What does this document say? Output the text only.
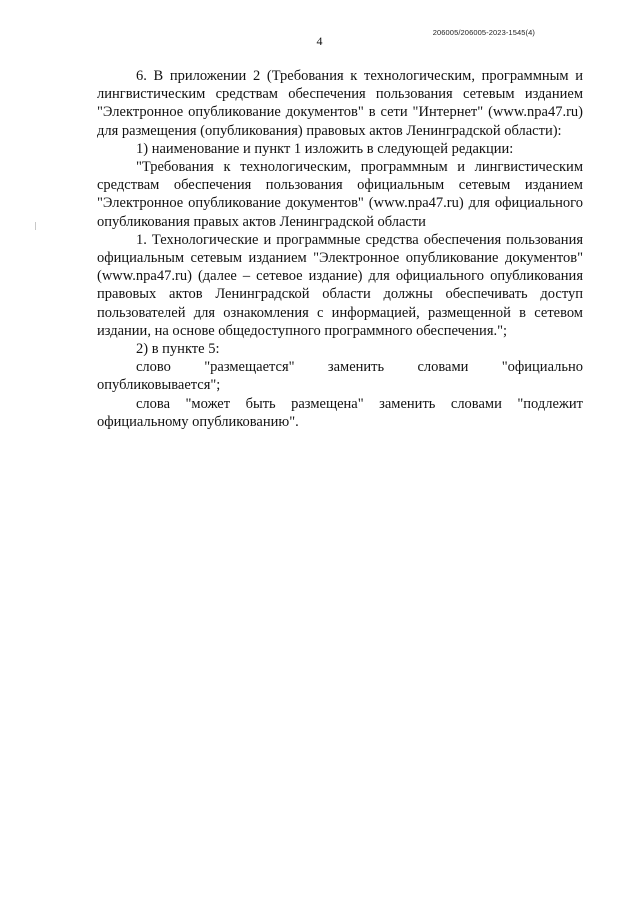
4
206005/206005-2023-1545(4)

6. В приложении 2 (Требования к технологическим, программным и лингвистическим средствам обеспечения пользования сетевым изданием "Электронное опубликование документов" в сети "Интернет" (www.npa47.ru) для размещения (опубликования) правовых актов Ленинградской области):

1) наименование и пункт 1 изложить в следующей редакции:

"Требования к технологическим, программным и лингвистическим средствам обеспечения пользования официальным сетевым изданием "Электронное опубликование документов" (www.npa47.ru) для официального опубликования правых актов Ленинградской области

1. Технологические и программные средства обеспечения пользования официальным сетевым изданием "Электронное опубликование документов" (www.npa47.ru) (далее – сетевое издание) для официального опубликования правовых актов Ленинградской области должны обеспечивать доступ пользователей для ознакомления с информацией, размещенной в сетевом издании, на основе общедоступного программного обеспечения.";

2) в пункте 5:

слово "размещается" заменить словами "официально опубликовывается";

слова "может быть размещена" заменить словами "подлежит официальному опубликованию".
